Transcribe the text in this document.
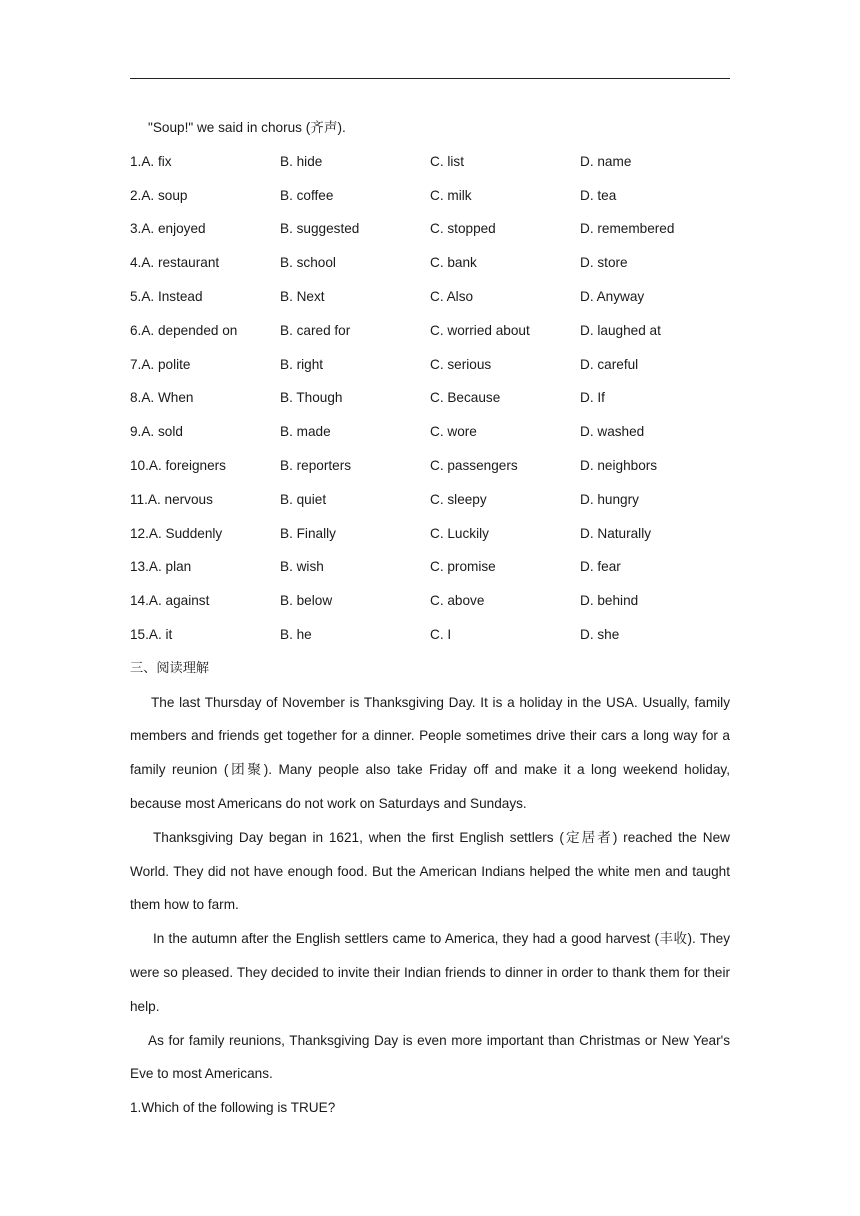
"Soup!" we said in chorus (齐声).
1.A. fix	B. hide	C. list	D. name
2.A. soup	B. coffee	C. milk	D. tea
3.A. enjoyed	B. suggested	C. stopped	D. remembered
4.A. restaurant	B. school	C. bank	D. store
5.A. Instead	B. Next	C. Also	D. Anyway
6.A. depended on	B. cared for	C. worried about	D. laughed at
7.A. polite	B. right	C. serious	D. careful
8.A. When	B. Though	C. Because	D. If
9.A. sold	B. made	C. wore	D. washed
10.A. foreigners	B. reporters	C. passengers	D. neighbors
11.A. nervous	B. quiet	C. sleepy	D. hungry
12.A. Suddenly	B. Finally	C. Luckily	D. Naturally
13.A. plan	B. wish	C. promise	D. fear
14.A. against	B. below	C. above	D. behind
15.A. it	B. he	C. I	D. she
三、阅读理解

The last Thursday of November is Thanksgiving Day. It is a holiday in the USA. Usually, family members and friends get together for a dinner. People sometimes drive their cars a long way for a family reunion (团聚). Many people also take Friday off and make it a long weekend holiday, because most Americans do not work on Saturdays and Sundays.

Thanksgiving Day began in 1621, when the first English settlers (定居者) reached the New World. They did not have enough food. But the American Indians helped the white men and taught them how to farm.

In the autumn after the English settlers came to America, they had a good harvest (丰收). They were so pleased. They decided to invite their Indian friends to dinner in order to thank them for their help.

As for family reunions, Thanksgiving Day is even more important than Christmas or New Year's Eve to most Americans.

1.Which of the following is TRUE?
